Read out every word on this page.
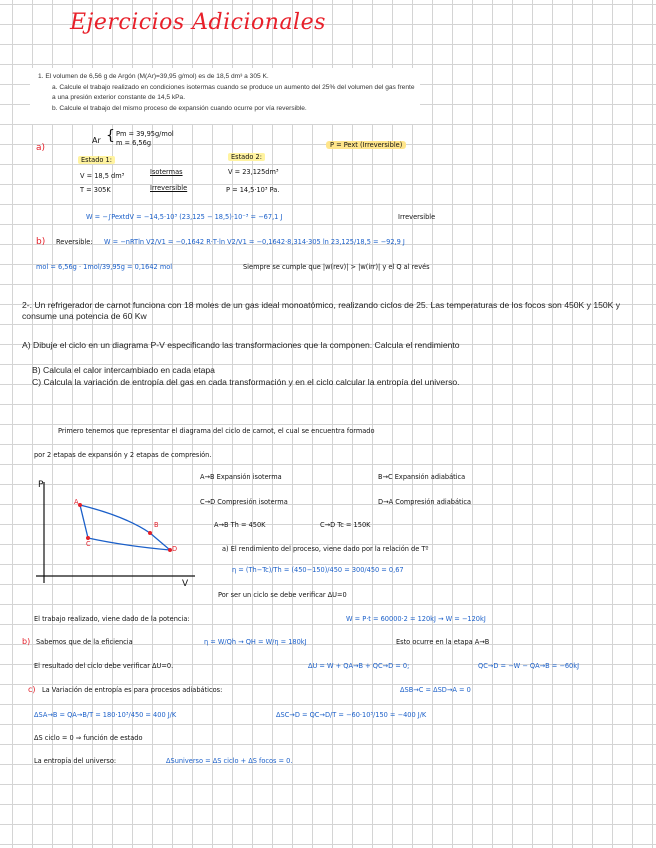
Ejercicios Adicionales
1. El volumen de 6,56 g de Argón (M(Ar)=39,95 g/mol) es de 18,5 dm³ a 305 K.
a. Calcule el trabajo realizado en condiciones isotermas cuando se produce un aumento del 25% del volumen del gas frente a una presión exterior constante de 14,5 kPa.
b. Calcule el trabajo del mismo proceso de expansión cuando ocurre por vía reversible.
a)
Ar { Pm = 39,95g/mol
m = 6,56g	P = Pext (Irreversible)
Estado 1:	Estado 2:
V = 18,5 dm³
T = 305K
Isotermas
Irreversible
V = 23,125dm³
P = 14,5·10³ Pa.
W = −∫PextdV = −14,5·10³ (23,125 − 18,5)·10⁻³ = −67,1 J	Irreversible
b) Reversible: W = −nRTln V2/V1 = −0,1642 R·T·ln V2/V1 = −0,1642·8,314·305 ln 23,125/18,5 = −92,9 J
mol = 6,56g · 1mol/39,95g = 0,1642 mol	Siempre se cumple que |w(rev)| > |w(irr)| y el Q al revés
2-. Un refrigerador de carnot funciona con 18 moles de un gas ideal monoatómico, realizando ciclos de 25. Las temperaturas de los focos son 450K y 150K y consume una potencia de 60 Kw
A) Dibuje el ciclo en un diagrama P-V especificando las transformaciones que la componen. Calcula el rendimiento
B) Calcula el calor intercambiado en cada etapa
C) Calcula la variación de entropía del gas en cada transformación y en el ciclo calcular la entropía del universo.
Primero tenemos que representar el diagrama del ciclo de carnot, el cual se encuentra formado
por 2 etapas de expansión y 2 etapas de compresión.
P
V
A
B
C
D
A→B Expansión isoterma	B→C Expansión adiabática
C→D Compresión isoterma	D→A Compresión adiabática
A→B Th = 450K	C→D Tc = 150K
a) El rendimiento del proceso, viene dado por la relación de Tº
η = (Th−Tc)/Th = (450−150)/450 = 300/450 = 0,67
Por ser un ciclo se debe verificar ΔU=0
El trabajo realizado, viene dado de la potencia:	W = P·t = 60000·2 = 120kJ → W = −120kJ
b) Sabemos que de la eficiencia	η = W/Qh → QH = W/η = 180kJ	Esto ocurre en la etapa A→B
El resultado del ciclo debe verificar ΔU=0.	ΔU = W + QA→B + QC→D = 0;	QC→D = −W − QA→B = −60kJ
c) La Variación de entropía es para procesos adiabáticos:	ΔSB→C = ΔSD→A = 0
ΔSA→B = QA→B/T = 180·10³/450 = 400 J/K	ΔSC→D = QC→D/T = −60·10³/150 = −400 J/K
ΔS ciclo = 0 ⇒ función de estado
La entropía del universo:	ΔSuniverso = ΔS ciclo + ΔS focos = 0.
